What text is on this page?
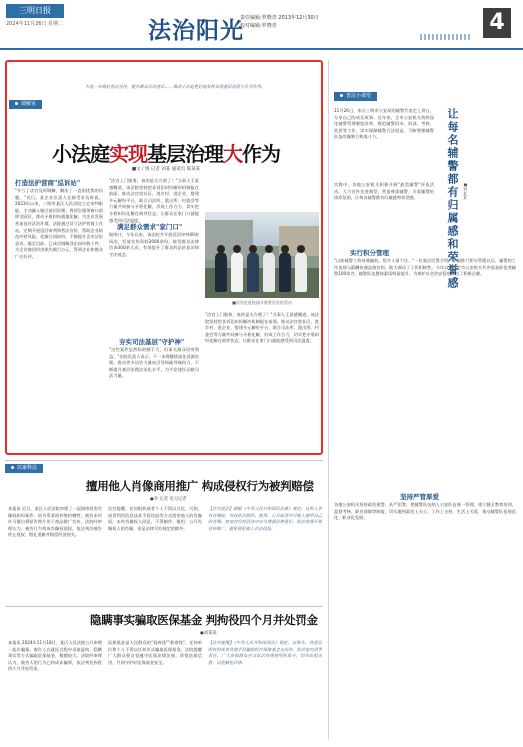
三明日报
2024年11月26日 星期二	法治阳光
责任编辑:罗晓青 2013年12月30日
校对编辑:罗晓青	4
调解室
为进一步做好普法宣传，提升群众法治意识……推动小法庭更好地发挥实现基层治理大作为作用。
小法庭实现基层治理大作为
■文 / 图 记者 刘某 通讯员 陈某某
打造法护营商"巡诉站"
"多亏了法官及时调解，解决了一直困扰我的问题。"近日，某企业负责人在接受采访时说。2023年以来，三明市某区人民法院立足审判职能，主动融入辖区基层治理，将诉讼服务窗口前移至园区，推动矛盾纠纷就地化解，为企业发展营造良好法治环境。法院通过设立法护营商工作站，定期开展巡回审判和普法宣传，帮助企业防范经营风险，化解合同纠纷，不断提升企业法治意识。截至目前，已成功调解涉企纠纷数十件，为企业挽回经济损失数百万元，得到企业和群众广泛好评。
"法官上门服务，真的是太方便了！"当事人王某感慨道。该法院坚持把非诉讼纠纷解决机制挺在前面，推动法官进社区、进乡村、进企业，搭建多元解纷平台，联合司法所、派出所、村委会等力量共同参与矛盾化解，形成工作合力，切实把矛盾纠纷化解在萌芽状态，让群众在家门口就能感受到司法温度。
满足群众需求"家门口"
据统计，今年以来，该法院共开展巡回审判40余场次，发放宣传资料2000余份，接受群众法律咨询300余人次，有效提升了群众的法治意识和守法观念。
■法官走进校园开展普法宣传活动
夯实司法基层"守护神"
"这些案件虽然标的额不大，但事关群众切身利益。"法院负责人表示，下一步将继续深化诉源治理，推动更多法治力量向引导和疏导端用力，不断提升基层治理法治化水平，为平安建设贡献司法力量。
"法官上门服务，真的是太方便了！"当事人王某感慨道。该法院坚持把非诉讼纠纷解决机制挺在前面，推动法官进社区、进乡村、进企业，搭建多元解纷平台，联合司法所、派出所、村委会等力量共同参与矛盾化解，形成工作合力，切实把矛盾纠纷化解在萌芽状态，让群众在家门口就能感受到司法温度。
普法小课堂
11月26日，来自三明市公安局的辅警代表走上讲台，分享自己的成长故事。近年来，全市公安机关持续深化辅警管理制度改革，规范辅警招录、培训、考核、奖惩等工作，切实保障辅警合法权益，不断增强辅警队伍的凝聚力和战斗力。	让每名辅警都有归属感和荣誉感 ●刘某某
实践中，各地公安机关积极开展"最美辅警"评选活动，大力宣传先进典型，营造尊重辅警、关爱辅警的浓厚氛围，让每名辅警都有归属感和荣誉感。
实行积分管理
"以前辅警工资待遇偏低，很多人留不住。"一位基层民警介绍，全面推行积分管理以后，辅警的工作表现与薪酬待遇直接挂钩，极大调动了工作积极性。今年以来，全市公安机关共评选表彰优秀辅警100余名，辅警队伍整体素质明显提升，为维护社会治安稳定作出了积极贡献。
坚持严管厚爱
各地公安机关坚持政治建警、从严治警，把辅警队伍纳入公安队伍统一管理，建立健全教育培训、监督考核、职业保障等制度，切实做到政治上关心、工作上支持、生活上关爱，推动辅警队伍规范化、职业化发展。
以案释法
擅用他人肖像商用推广 构成侵权行为被判赔偿
●李 记者 见习记者
本报讯 近日，某区人民法院审理了一起网络侵害肖像权纠纷案件。原告系某机构签约模特，被告未经许可擅自将原告照片用于商品推广宣传。法院经审理认为，被告行为构成肖像权侵权，依法判决被告停止侵权、赔礼道歉并赔偿经济损失。
法官提醒，任何组织或者个人不得以丑化、污损，或者利用信息技术手段伪造等方式侵害他人的肖像权。未经肖像权人同意，不得制作、使用、公开肖像权人的肖像，但是法律另有规定的除外。
【法官说法】根据《中华人民共和国民法典》规定，自然人享有肖像权，有权依法制作、使用、公开或者许可他人使用自己的肖像。商家在经营活动中应当增强法律意识，依法依规开展宣传推广，避免侵犯他人合法权益。
隐瞒事实骗取医保基金 判拘役四个月并处罚金
●刘某某
本报讯 2024年11月18日，某区人民法院公开审理一起诈骗案。被告人在就医过程中采取虚构、隐瞒事实等方式骗取医保基金，数额较大。法院经审理认为，被告人的行为已构成诈骗罪，依法判处拘役四个月并处罚金。
医保基金是人民群众的"看病钱""救命钱"，任何单位和个人不得以任何形式骗取医保基金。法院提醒广大群众要自觉遵守医保法律法规，珍惜医保信用，共同守护好医保基金安全。
【法官提醒】《中华人民共和国刑法》规定，以欺诈、伪造证明材料或者其他手段骗取医疗保障基金支出的，依法追究刑事责任。广大参保群众应当依法依规使用医保卡，切勿出租出借，以免触犯法律。
